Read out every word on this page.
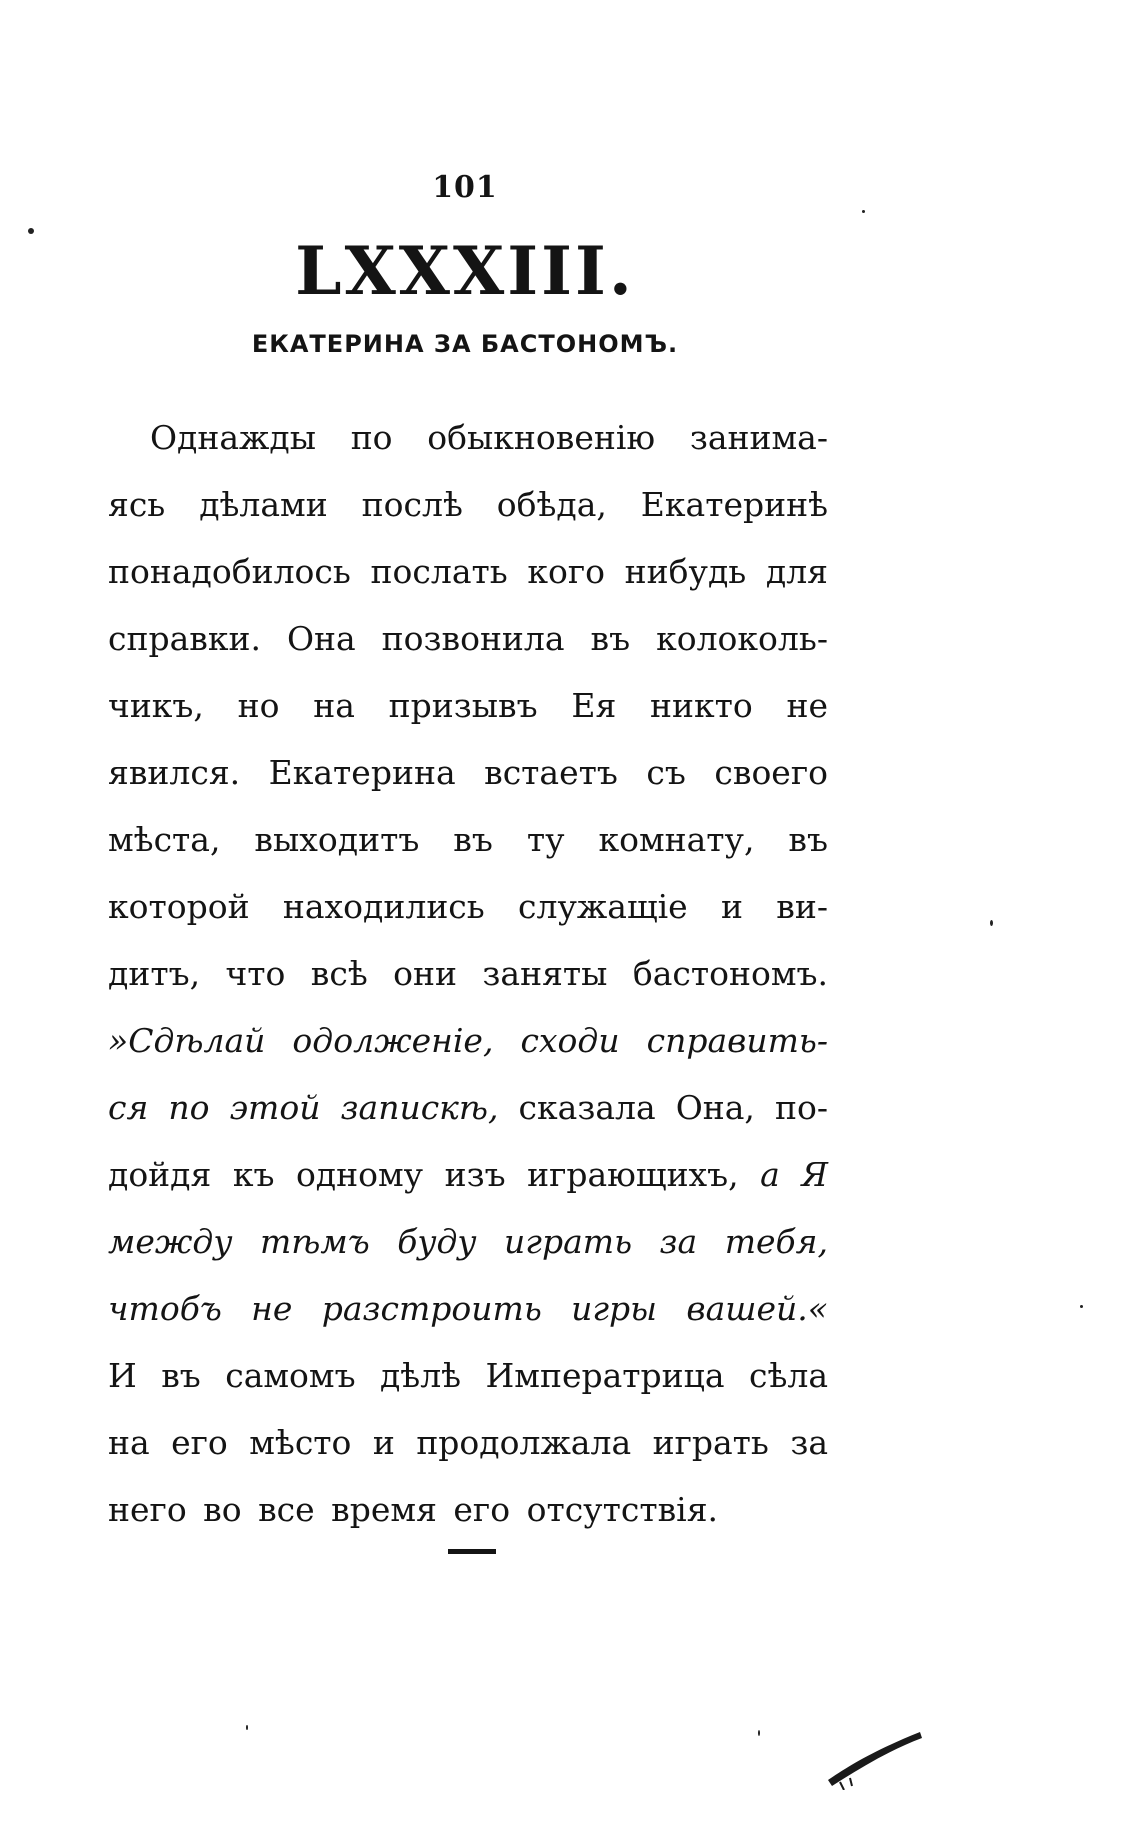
101
LXXXIII.
ЕКАТЕРИНА ЗА БАСТОНОМЪ.
Однажды по обыкновенію занима-
ясь дѣлами послѣ обѣда, Екатеринѣ
понадобилось послать кого нибудь для
справки. Она позвонила въ колоколь-
чикъ, но на призывъ Ея никто не
явился. Екатерина встаетъ съ своего
мѣста, выходитъ въ ту комнату, въ
которой находились служащіе и ви-
дитъ, что всѣ они заняты бастономъ.
»Сдѣлай одолженіе, сходи справить-
ся по этой запискѣ, сказала Она, по-
дойдя къ одному изъ играющихъ, а Я
между тѣмъ буду играть за тебя,
чтобъ не разстроить игры вашей.«
И въ самомъ дѣлѣ Императрица сѣла
на его мѣсто и продолжала играть за
него во все время его отсутствія.
